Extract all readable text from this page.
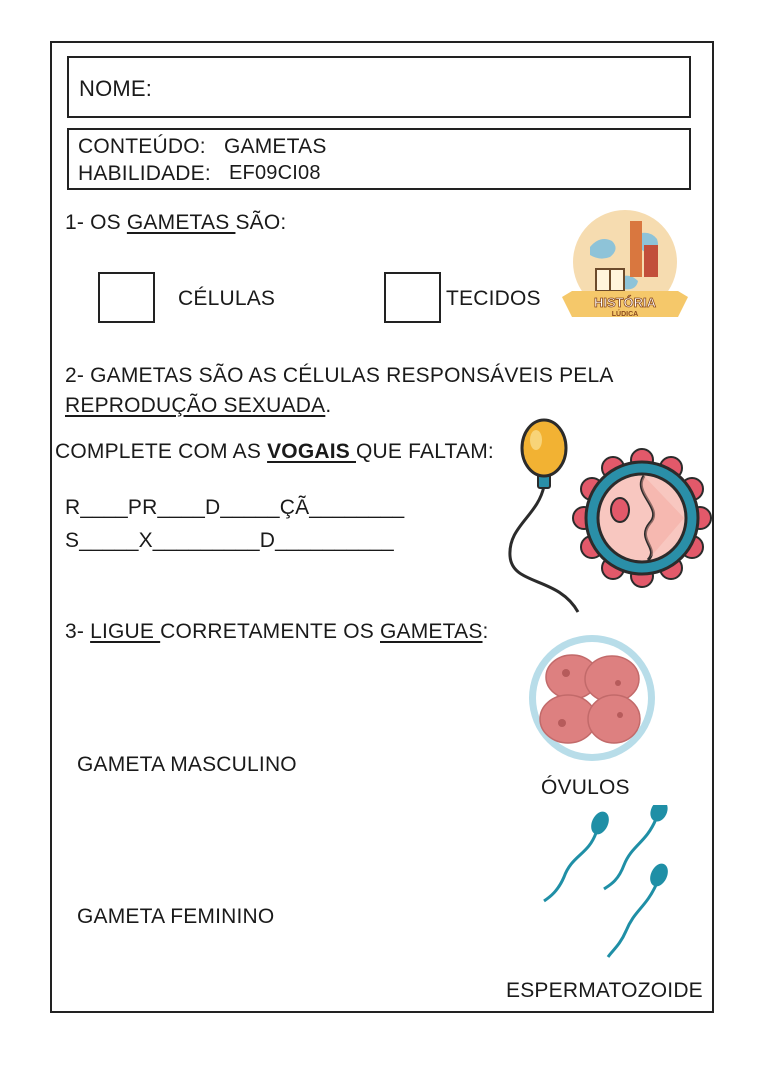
NOME:
CONTEÚDO: GAMETAS
HABILIDADE: EF09CI08
1- OS GAMETAS SÃO:
CÉLULAS	TECIDOS	HISTÓRIA
LÚDICA
2- GAMETAS SÃO AS CÉLULAS RESPONSÁVEIS PELA
REPRODUÇÃO SEXUADA.
COMPLETE COM AS VOGAIS QUE FALTAM:
R____PR____D_____ÇÃ________
S_____X_________D__________
3- LIGUE CORRETAMENTE OS GAMETAS:
GAMETA MASCULINO
GAMETA FEMININO
ÓVULOS
ESPERMATOZOIDE
